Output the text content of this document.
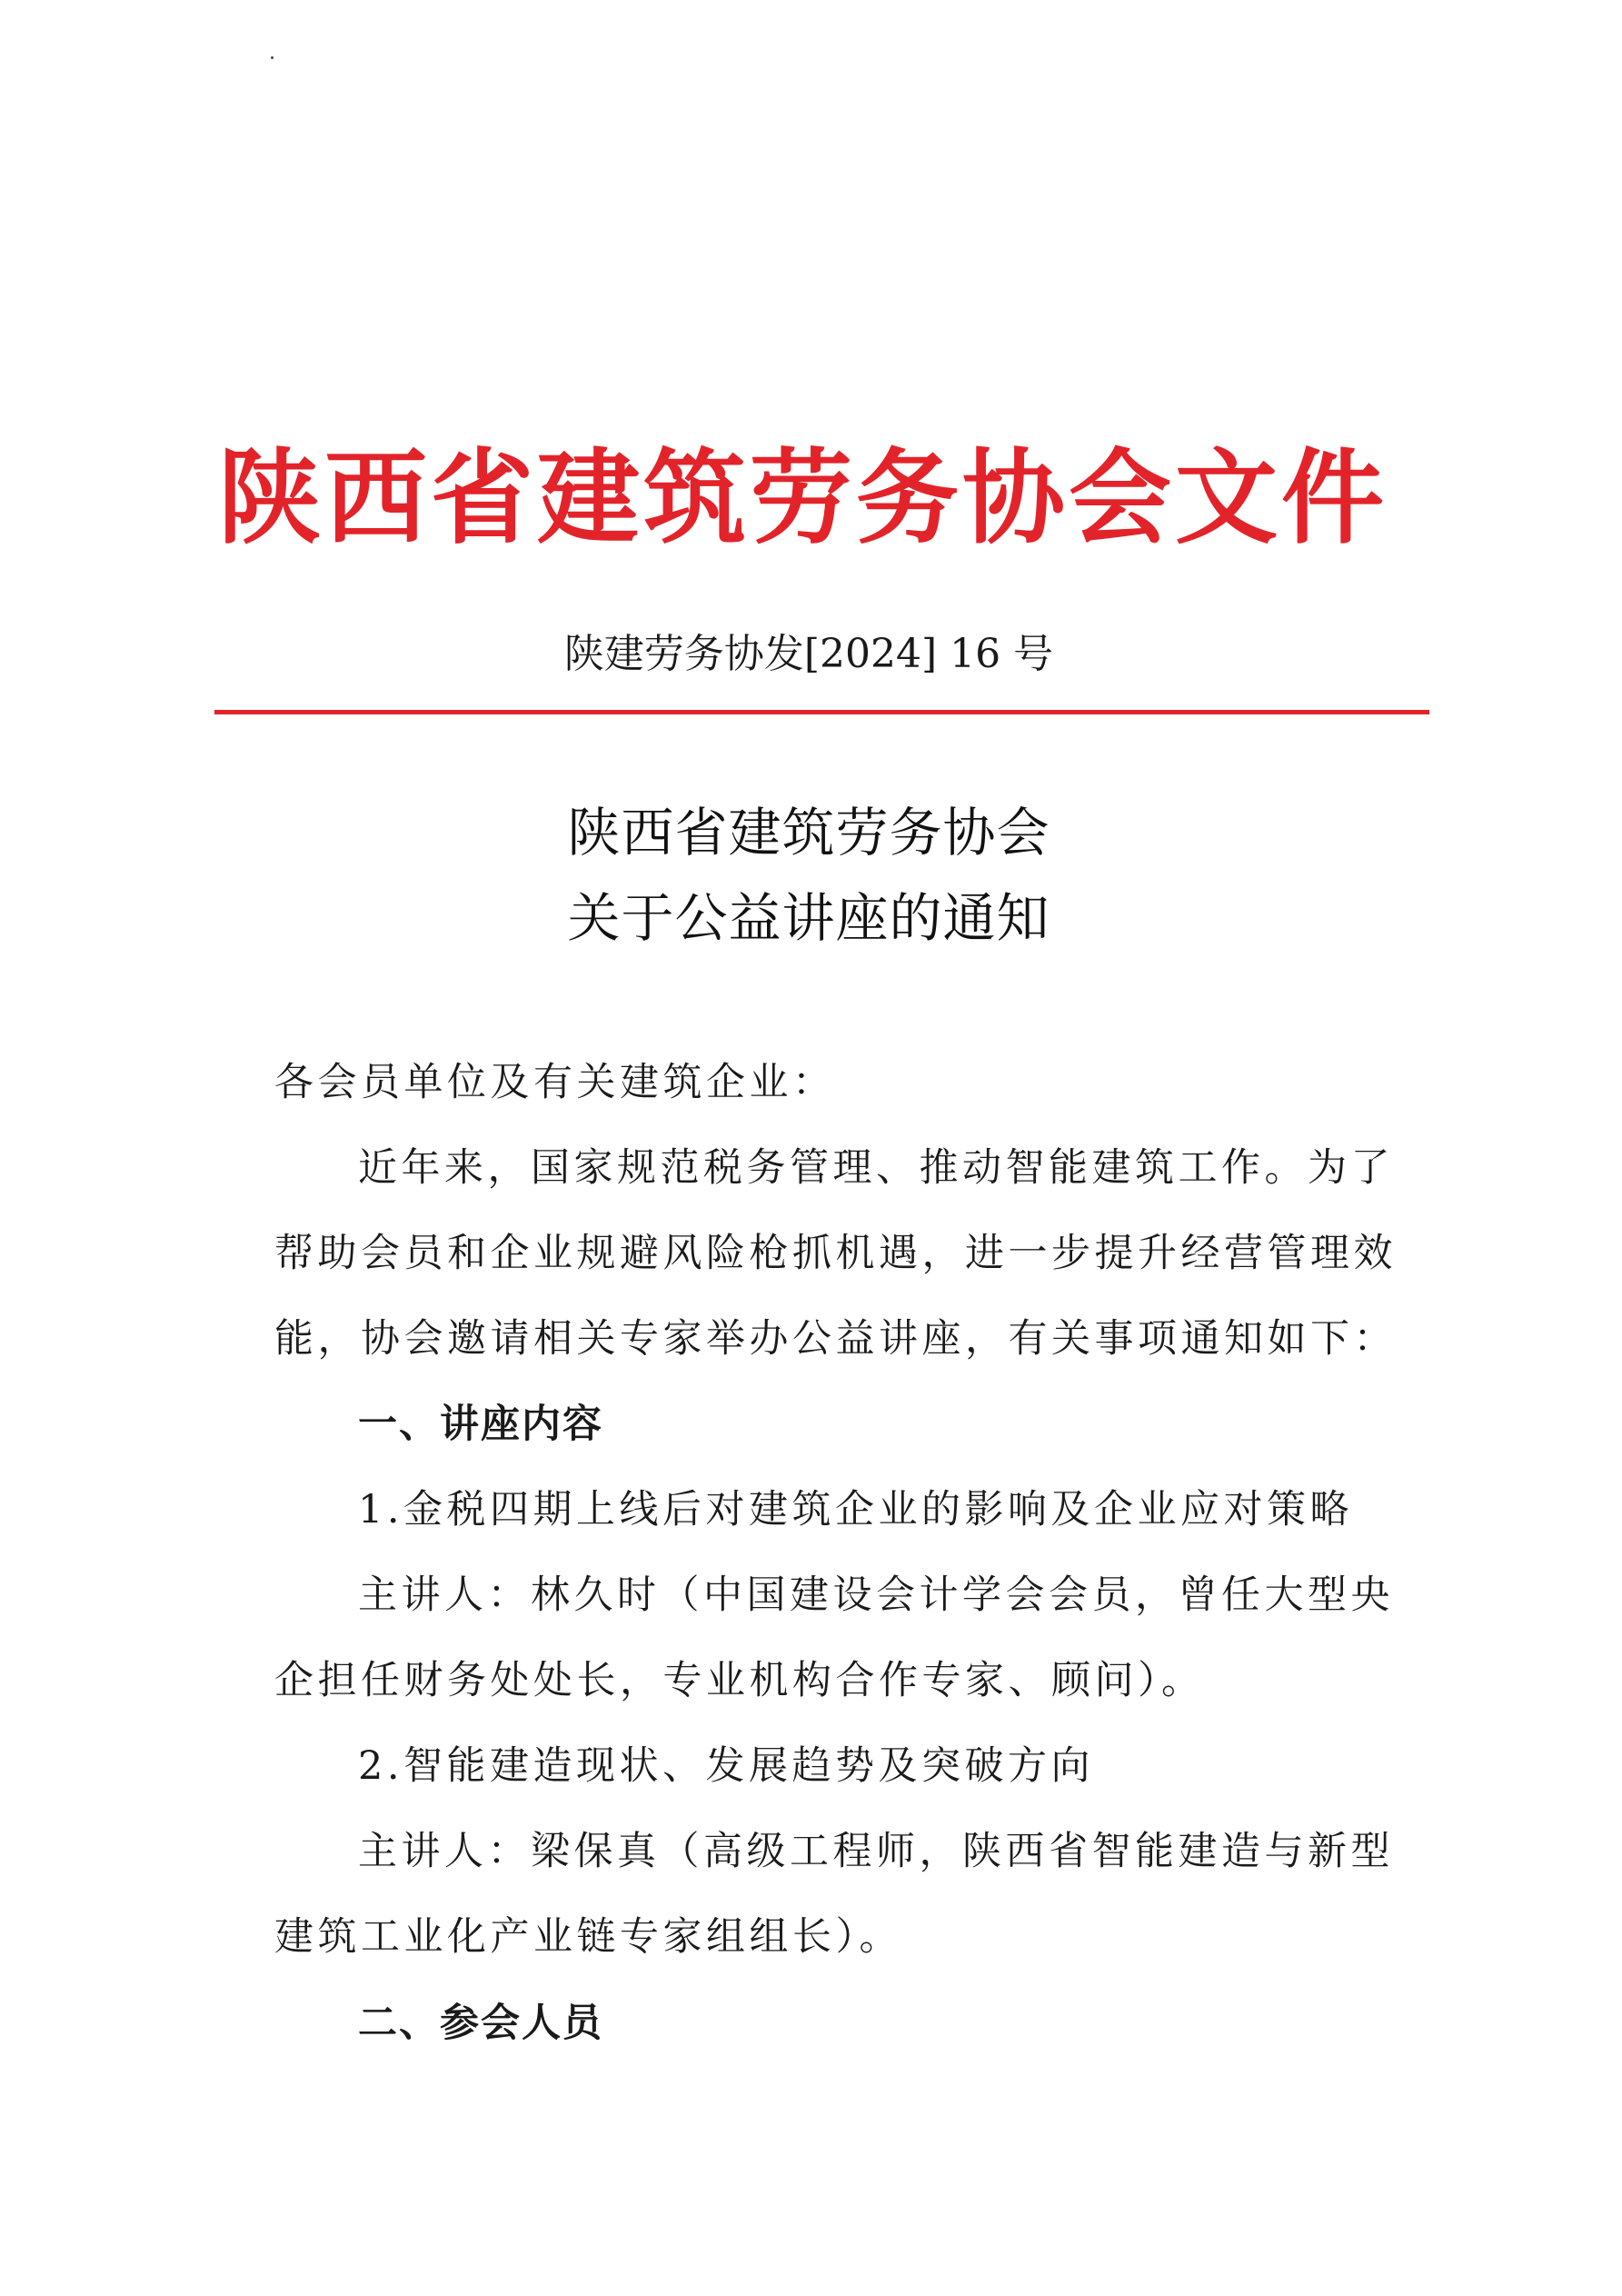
陕西省建筑劳务协会文件
陕建劳务协发[2024] 16 号
陕西省建筑劳务协会
关于公益讲座的通知
各会员单位及有关建筑企业：
近年来，国家规范税务管理、推动智能建筑工作。为了
帮助会员和企业规避风险枪抓机遇，进一步提升经营管理效
能，协会邀请相关专家举办公益讲座，有关事项通知如下：
一、讲座内容
1.金税四期上线后对建筑企业的影响及企业应对策略
主讲人：林久时（中国建设会计学会会员，曾任大型央
企担任财务处处长，专业机构合作专家、顾问）。
2.智能建造现状、发展趋势及突破方向
主讲人：梁保真（高级工程师，陕西省智能建造与新型
建筑工业化产业链专家组组长）。
二、参会人员
